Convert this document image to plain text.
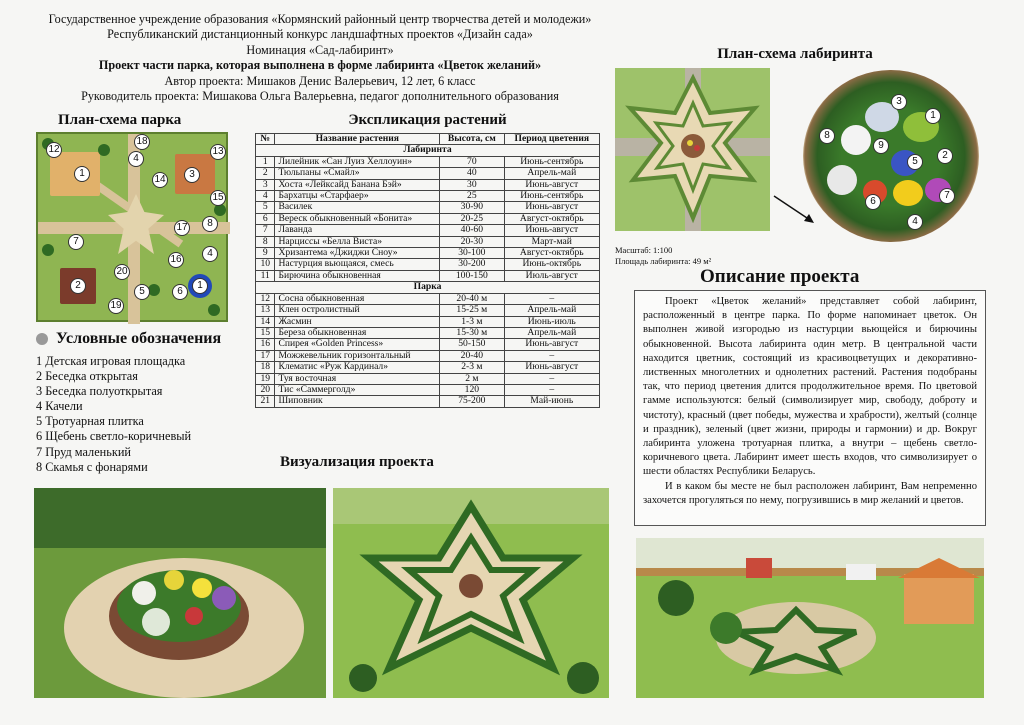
Государственное учреждение образования «Кормянский районный центр творчества детей и молодежи»
Республиканский дистанционный конкурс ландшафтных проектов «Дизайн сада»
Номинация «Сад-лабиринт»
Проект части парка, которая выполнена в форме лабиринта «Цветок желаний»
Автор проекта: Мишаков Денис Валерьевич, 12 лет, 6 класс
Руководитель проекта: Мишакова Ольга Валерьевна, педагог дополнительного образования
План-схема парка
18
12
4
13
1	3
14
15
8
7
17
4
16
20
2	1
19
5	6
Условные обозначения
1 Детская игровая площадка
2 Беседка открытая
3 Беседка полуоткрытая
4 Качели
5 Тротуарная плитка
6 Щебень светло-коричневый
7 Пруд маленький
8 Скамья с фонарями
Экспликация растений
№	Название растения	Высота, см	Период цветения
Лабиринта			
1	Лилейник «Сан Луиз Хеллоуин»	70	Июнь-сентябрь
2	Тюльпаны «Смайл»	40	Апрель-май
3	Хоста «Лейксайд Банана Бэй»	30	Июнь-август
4	Бархатцы «Старфаер»	25	Июнь-сентябрь
5	Василек	30-90	Июнь-август
6	Вереск обыкновенный «Бонита»	20-25	Август-октябрь
7	Лаванда	40-60	Июнь-август
8	Нарциссы «Белла Виста»	20-30	Март-май
9	Хризантема «Джиджи Сноу»	30-100	Август-октябрь
10	Настурция вьющаяся, смесь	30-200	Июнь-октябрь
11	Бирючина обыкновенная	100-150	Июль-август
Парка			
12	Сосна обыкновенная	20-40 м	–
13	Клен остролистный	15-25 м	Апрель-май
14	Жасмин	1-3 м	Июнь-июль
15	Береза обыкновенная	15-30 м	Апрель-май
16	Спирея «Golden Princess»	50-150	Июнь-август
17	Можжевельник горизонтальный	20-40	–
18	Клематис «Руж Кардинал»	2-3 м	Июнь-август
19	Туя восточная	2 м	–
20	Тис «Саммерголд»	120	–
21	Шиповник	75-200	Май-июнь
План-схема лабиринта
3
1
2
8
9
5
6
7
4
Масштаб: 1:100
Площадь лабиринта: 49 м²
Описание проекта

Проект «Цветок желаний» представляет собой лабиринт, расположенный в центре парка. По форме напоминает цветок. Он выполнен живой изгородью из настурции вьющейся и бирючины обыкновенной. Высота лабиринта один метр. В центральной части находится цветник, состоящий из красивоцветущих и декоративно-лиственных многолетних и однолетних растений. Растения подобраны так, что период цветения длится продолжительное время. По цветовой гамме используются: белый (символизирует мир, свободу, доброту и чистоту), красный (цвет победы, мужества и храбрости), желтый (солнце и праздник), зеленый (цвет жизни, природы и гармонии) и др. Вокруг лабиринта уложена тротуарная плитка, а внутри – щебень светло-коричневого цвета. Лабиринт имеет шесть входов, что символизирует о шести областях Республики Беларусь.

И в каком бы месте не был расположен лабиринт, Вам непременно захочется прогуляться по нему, погрузившись в мир желаний и цветов.

Визуализация проекта
